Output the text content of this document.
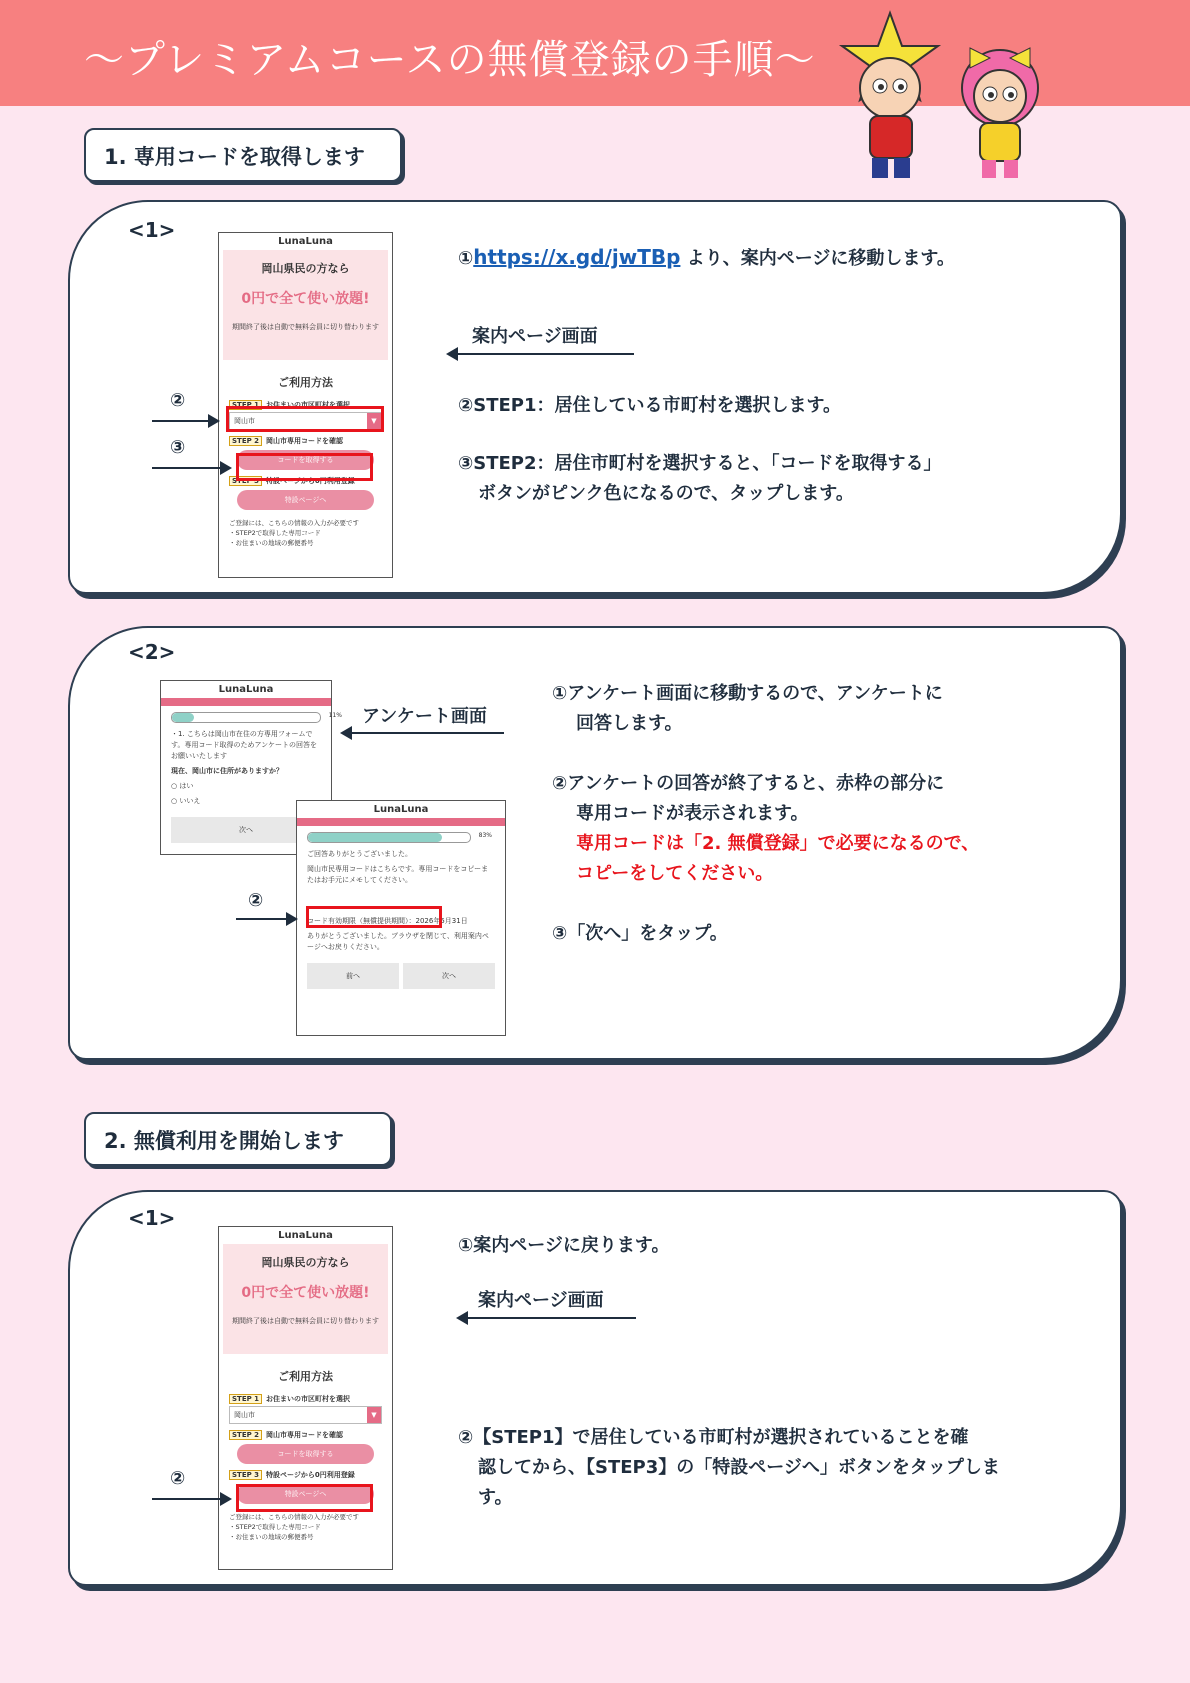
～プレミアムコースの無償登録の手順～
1. 専用コードを取得します
<1>	LunaLuna
岡山県民の方なら
0円で全て使い放題!
期間終了後は自動で無料会員に切り替わります
ご利用方法
STEP 1 お住まいの市区町村を選択
岡山市	▼
STEP 2 岡山市専用コードを確認
コードを取得する
STEP 3 特設ページから0円利用登録
特設ページへ
ご登録には、こちらの情報の入力が必要です
・STEP2で取得した専用コード
・お住まいの地域の郵便番号
②
③
①https://x.gd/jwTBp より、案内ページに移動します。
案内ページ画面
②STEP1：居住している市町村を選択します。
③STEP2：居住市町村を選択すると、「コードを取得する」
ボタンがピンク色になるので、タップします。
<2>
LunaLuna
11%
・1. こちらは岡山市在住の方専用フォームです。専用コード取得のためアンケートの回答をお願いいたします
現在、岡山市に住所がありますか？
○ はい
○ いいえ
次へ
LunaLuna
83%
ご回答ありがとうございました。
岡山市民専用コードはこちらです。専用コードをコピーまたはお手元にメモしてください。
コード有効期限（無償提供期間）：2026年5月31日
ありがとうございました。ブラウザを閉じて、利用案内ページへお戻りください。
前へ	次へ
②
アンケート画面
①アンケート画面に移動するので、アンケートに
回答します。
②アンケートの回答が終了すると、赤枠の部分に
専用コードが表示されます。
専用コードは「2. 無償登録」で必要になるので、
コピーをしてください。
③「次へ」をタップ。
2. 無償利用を開始します
<1>
LunaLuna
岡山県民の方なら
0円で全て使い放題!
期間終了後は自動で無料会員に切り替わります
ご利用方法
STEP 1 お住まいの市区町村を選択
岡山市	▼
STEP 2 岡山市専用コードを確認
コードを取得する
STEP 3 特設ページから0円利用登録
特設ページへ
ご登録には、こちらの情報の入力が必要です
・STEP2で取得した専用コード
・お住まいの地域の郵便番号
②
①案内ページに戻ります。
案内ページ画面
②【STEP1】で居住している市町村が選択されていることを確
認してから、【STEP3】の「特設ページへ」ボタンをタップしま
す。
